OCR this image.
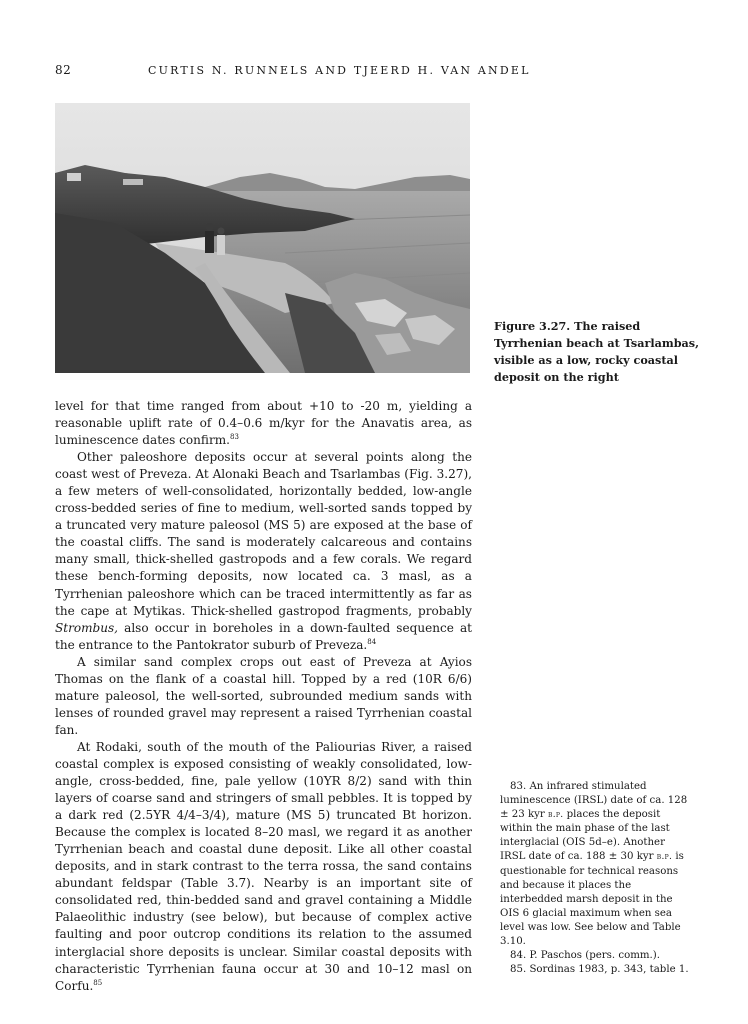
82	CURTIS N. RUNNELS AND TJEERD H. VAN ANDEL
Figure 3.27. The raised Tyrrhenian beach at Tsarlambas, visible as a low, rocky coastal deposit on the right

level for that time ranged from about +10 to -20 m, yielding a reasonable uplift rate of 0.4–0.6 m/kyr for the Anavatis area, as luminescence dates confirm.$^{83}$

Other paleoshore deposits occur at several points along the coast west of Preveza. At Alonaki Beach and Tsarlambas (Fig. 3.27), a few meters of well-consolidated, horizontally bedded, low-angle cross-bedded series of fine to medium, well-sorted sands topped by a truncated very mature paleosol (MS 5) are exposed at the base of the coastal cliffs. The sand is moderately calcareous and contains many small, thick-shelled gastropods and a few corals. We regard these bench-forming deposits, now located ca. 3 masl, as a Tyrrhenian paleoshore which can be traced intermittently as far as the cape at Mytikas. Thick-shelled gastropod fragments, probably Strombus, also occur in boreholes in a down-faulted sequence at the entrance to the Pantokrator suburb of Preveza.$^{84}$

A similar sand complex crops out east of Preveza at Ayios Thomas on the flank of a coastal hill. Topped by a red (10R 6/6) mature paleosol, the well-sorted, subrounded medium sands with lenses of rounded gravel may represent a raised Tyrrhenian coastal fan.

At Rodaki, south of the mouth of the Paliourias River, a raised coastal complex is exposed consisting of weakly consolidated, low-angle, cross-bedded, fine, pale yellow (10YR 8/2) sand with thin layers of coarse sand and stringers of small pebbles. It is topped by a dark red (2.5YR 4/4–3/4), mature (MS 5) truncated Bt horizon. Because the complex is located 8–20 masl, we regard it as another Tyrrhenian beach and coastal dune deposit. Like all other coastal deposits, and in stark contrast to the terra rossa, the sand contains abundant feldspar (Table 3.7). Nearby is an important site of consolidated red, thin-bedded sand and gravel containing a Middle Palaeolithic industry (see below), but because of complex active faulting and poor outcrop conditions its relation to the assumed interglacial shore deposits is unclear. Similar coastal deposits with characteristic Tyrrhenian fauna occur at 30 and 10–12 masl on Corfu.$^{85}$

83. An infrared stimulated luminescence (IRSL) date of ca. 128 ± 23 kyr b.p. places the deposit within the main phase of the last interglacial (OIS 5d–e). Another IRSL date of ca. 188 ± 30 kyr b.p. is questionable for technical reasons and because it places the interbedded marsh deposit in the OIS 6 glacial maximum when sea level was low. See below and Table 3.10.

84. P. Paschos (pers. comm.).

85. Sordinas 1983, p. 343, table 1.
